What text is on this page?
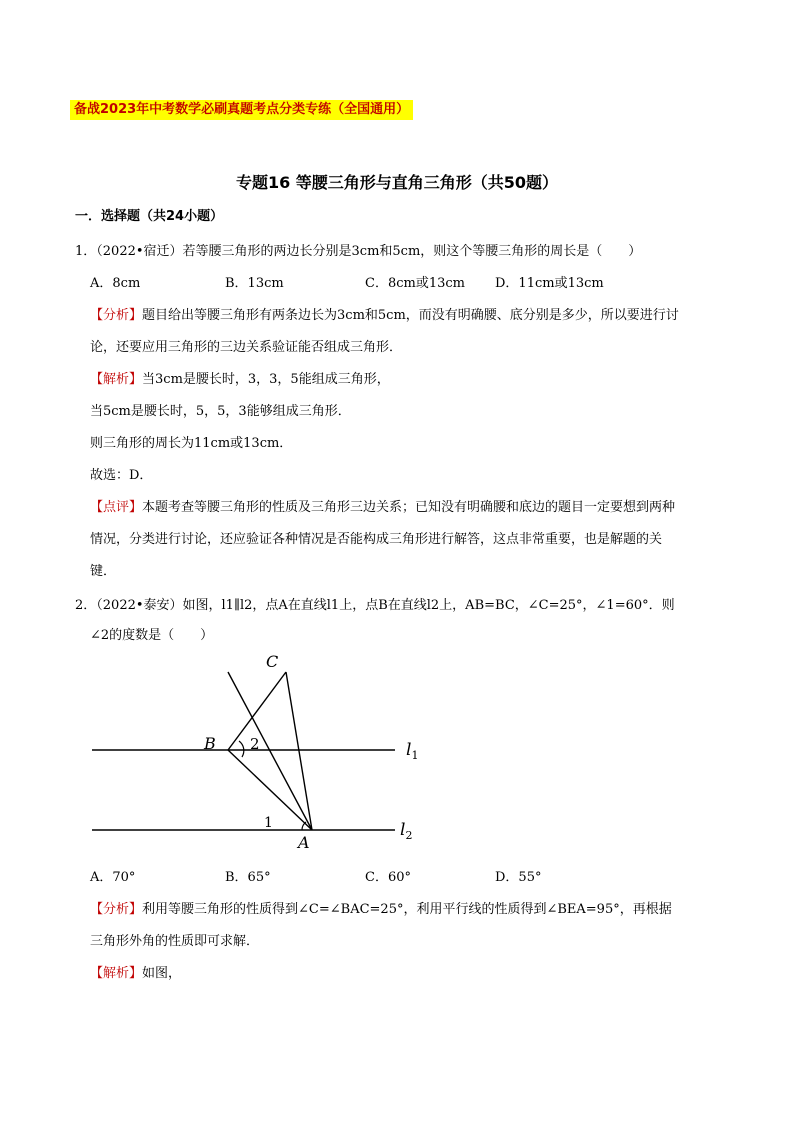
备战2023年中考数学必刷真题考点分类专练（全国通用）
专题16 等腰三角形与直角三角形（共50题）
一．选择题（共24小题）
1．（2022•宿迁）若等腰三角形的两边长分别是3cm和5cm，则这个等腰三角形的周长是（　　）
A．8cm	B．13cm	C．8cm或13cm D．11cm或13cm
【分析】题目给出等腰三角形有两条边长为3cm和5cm，而没有明确腰、底分别是多少，所以要进行讨
论，还要应用三角形的三边关系验证能否组成三角形．
【解析】当3cm是腰长时，3，3，5能组成三角形，
当5cm是腰长时，5，5，3能够组成三角形．
则三角形的周长为11cm或13cm．
故选：D．
【点评】本题考查等腰三角形的性质及三角形三边关系；已知没有明确腰和底边的题目一定要想到两种
情况，分类进行讨论，还应验证各种情况是否能构成三角形进行解答，这点非常重要，也是解题的关
键．
2．（2022•泰安）如图，l1∥l2，点A在直线l1上，点B在直线l2上，AB=BC，∠C=25°，∠1=60°．则
∠2的度数是（　　）
C
B 2
1
A
$l_1$
$l_2$
A．70°	B．65°	C．60°	D．55°
【分析】利用等腰三角形的性质得到∠C=∠BAC=25°，利用平行线的性质得到∠BEA=95°，再根据
三角形外角的性质即可求解．
【解析】如图，
